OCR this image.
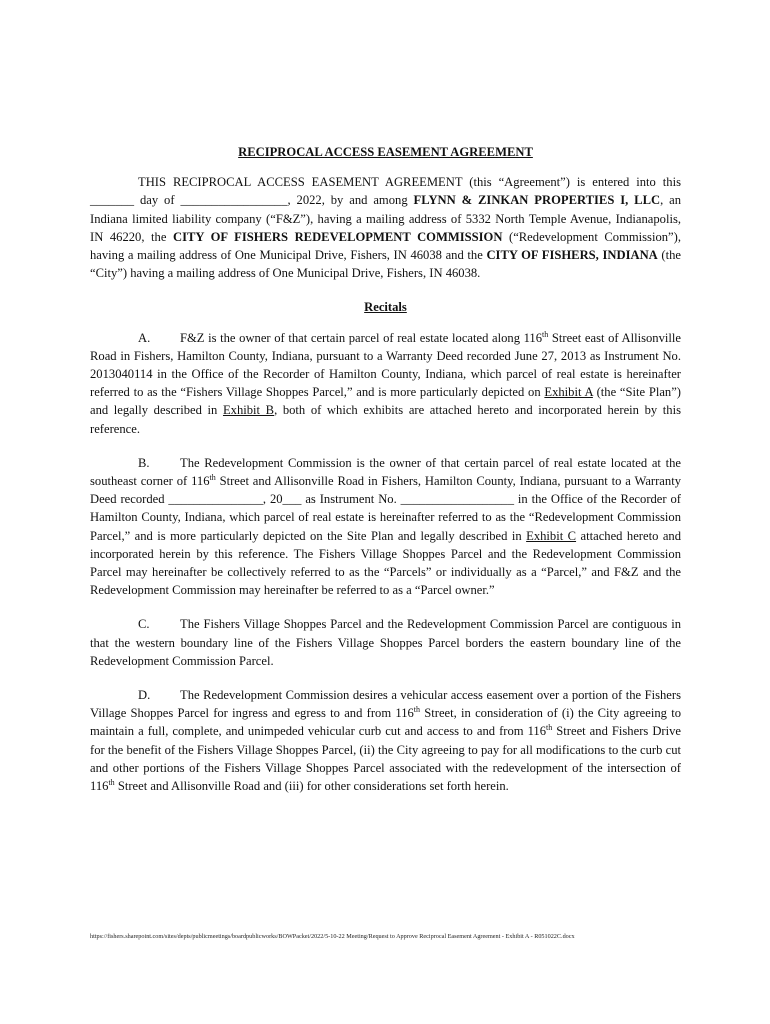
RECIPROCAL ACCESS EASEMENT AGREEMENT

THIS RECIPROCAL ACCESS EASEMENT AGREEMENT (this “Agreement”) is entered into this _______ day of _________________, 2022, by and among FLYNN & ZINKAN PROPERTIES I, LLC, an Indiana limited liability company (“F&Z”), having a mailing address of 5332 North Temple Avenue, Indianapolis, IN 46220, the CITY OF FISHERS REDEVELOPMENT COMMISSION (“Redevelopment Commission”), having a mailing address of One Municipal Drive, Fishers, IN 46038 and the CITY OF FISHERS, INDIANA (the “City”) having a mailing address of One Municipal Drive, Fishers, IN 46038.

Recitals

A. F&Z is the owner of that certain parcel of real estate located along 116th Street east of Allisonville Road in Fishers, Hamilton County, Indiana, pursuant to a Warranty Deed recorded June 27, 2013 as Instrument No. 2013040114 in the Office of the Recorder of Hamilton County, Indiana, which parcel of real estate is hereinafter referred to as the “Fishers Village Shoppes Parcel,” and is more particularly depicted on Exhibit A (the “Site Plan”) and legally described in Exhibit B, both of which exhibits are attached hereto and incorporated herein by this reference.

B. The Redevelopment Commission is the owner of that certain parcel of real estate located at the southeast corner of 116th Street and Allisonville Road in Fishers, Hamilton County, Indiana, pursuant to a Warranty Deed recorded _______________, 20___ as Instrument No. __________________ in the Office of the Recorder of Hamilton County, Indiana, which parcel of real estate is hereinafter referred to as the “Redevelopment Commission Parcel,” and is more particularly depicted on the Site Plan and legally described in Exhibit C attached hereto and incorporated herein by this reference. The Fishers Village Shoppes Parcel and the Redevelopment Commission Parcel may hereinafter be collectively referred to as the “Parcels” or individually as a “Parcel,” and F&Z and the Redevelopment Commission may hereinafter be referred to as a “Parcel owner.”

C. The Fishers Village Shoppes Parcel and the Redevelopment Commission Parcel are contiguous in that the western boundary line of the Fishers Village Shoppes Parcel borders the eastern boundary line of the Redevelopment Commission Parcel.

D. The Redevelopment Commission desires a vehicular access easement over a portion of the Fishers Village Shoppes Parcel for ingress and egress to and from 116th Street, in consideration of (i) the City agreeing to maintain a full, complete, and unimpeded vehicular curb cut and access to and from 116th Street and Fishers Drive for the benefit of the Fishers Village Shoppes Parcel, (ii) the City agreeing to pay for all modifications to the curb cut and other portions of the Fishers Village Shoppes Parcel associated with the redevelopment of the intersection of 116th Street and Allisonville Road and (iii) for other considerations set forth herein.

https://fishers.sharepoint.com/sites/depts/publicmeetings/boardpublicworks/BOWPacket/2022/5-10-22 Meeting/Request to Approve Reciprocal Easement Agreement - Exhibit A - R051022C.docx
